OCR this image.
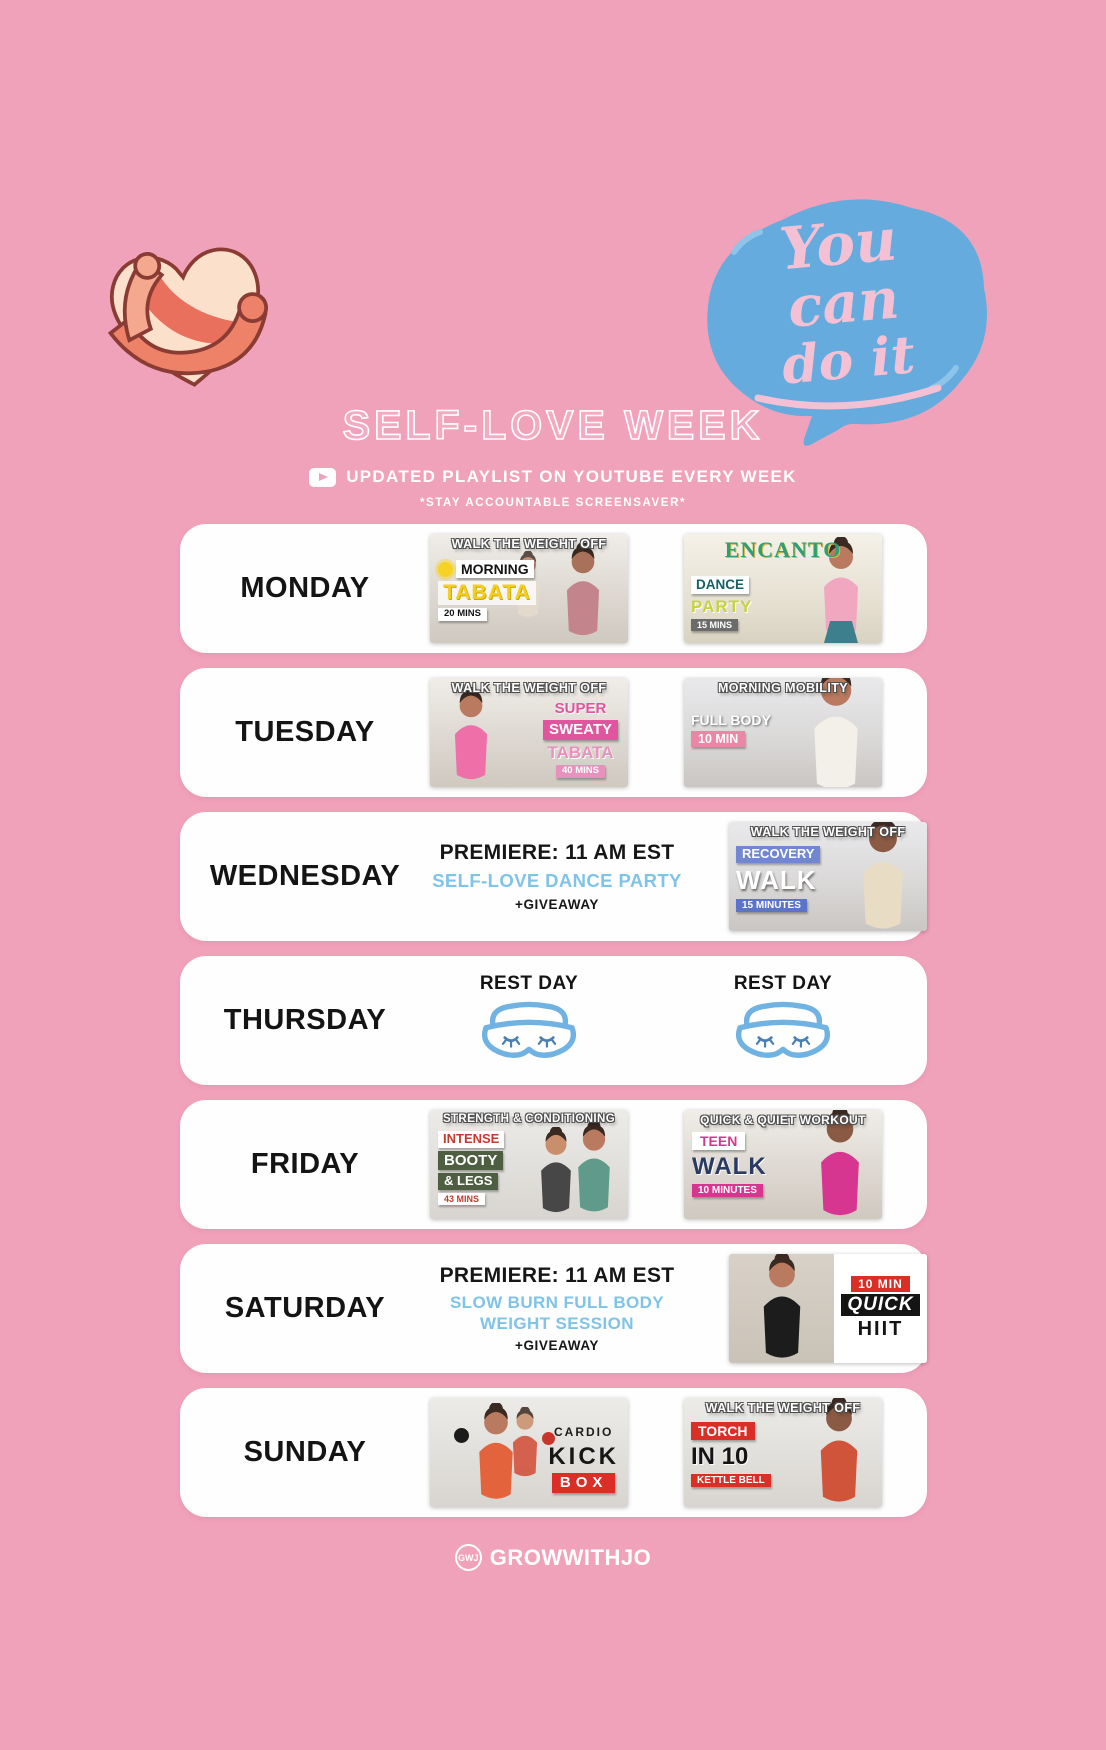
You
can
do it
SELF-LOVE WEEK
UPDATED PLAYLIST ON YOUTUBE EVERY WEEK
*STAY ACCOUNTABLE SCREENSAVER*
MONDAY
WALK THE WEIGHT OFF
MORNING
TABATA
20 MINS
ENCANTO
DANCE
PARTY
15 MINS
TUESDAY
WALK THE WEIGHT OFF
SUPER
SWEATY
TABATA
40 MINS
MORNING MOBILITY
FULL BODY
10 MIN
WEDNESDAY
PREMIERE: 11 AM EST
SELF-LOVE DANCE PARTY
+GIVEAWAY
WALK THE WEIGHT OFF
RECOVERY
WALK
15 MINUTES
THURSDAY
REST DAY	REST DAY
FRIDAY
STRENGTH & CONDITIONING
INTENSE
BOOTY
& LEGS
43 MINS
QUICK & QUIET WORKOUT
TEEN
WALK
10 MINUTES
SATURDAY
PREMIERE: 11 AM EST
SLOW BURN FULL BODY
WEIGHT SESSION
+GIVEAWAY
10 MIN
QUICK
HIIT
SUNDAY
CARDIO
KICK
BOX
WALK THE WEIGHT OFF
TORCH
IN 10
KETTLE BELL
GWJ GROWWITHJO
